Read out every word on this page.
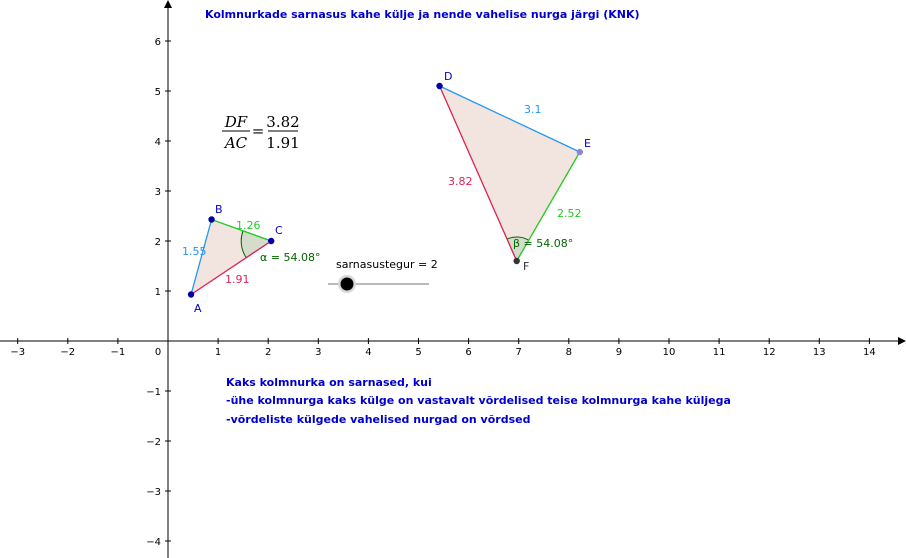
−3	−2	−1	0	1	2	3	4	5	6	7	8	9	10	11	12	13	14
−4
−3
−2
−1
1
2
3
4
5
6
Kolmnurkade sarnasus kahe külje ja nende vahelise nurga järgi (KNK)
1.55
1.26
1.91
3.1
2.52
3.82
α = 54.08°
β = 54.08°
A
B
C
D
E
F
DF
AC
= 3.82
1.91
sarnasustegur = 2
Kaks kolmnurka on sarnased, kui
-ühe kolmnurga kaks külge on vastavalt võrdelised teise kolmnurga kahe küljega
-võrdeliste külgede vahelised nurgad on võrdsed
